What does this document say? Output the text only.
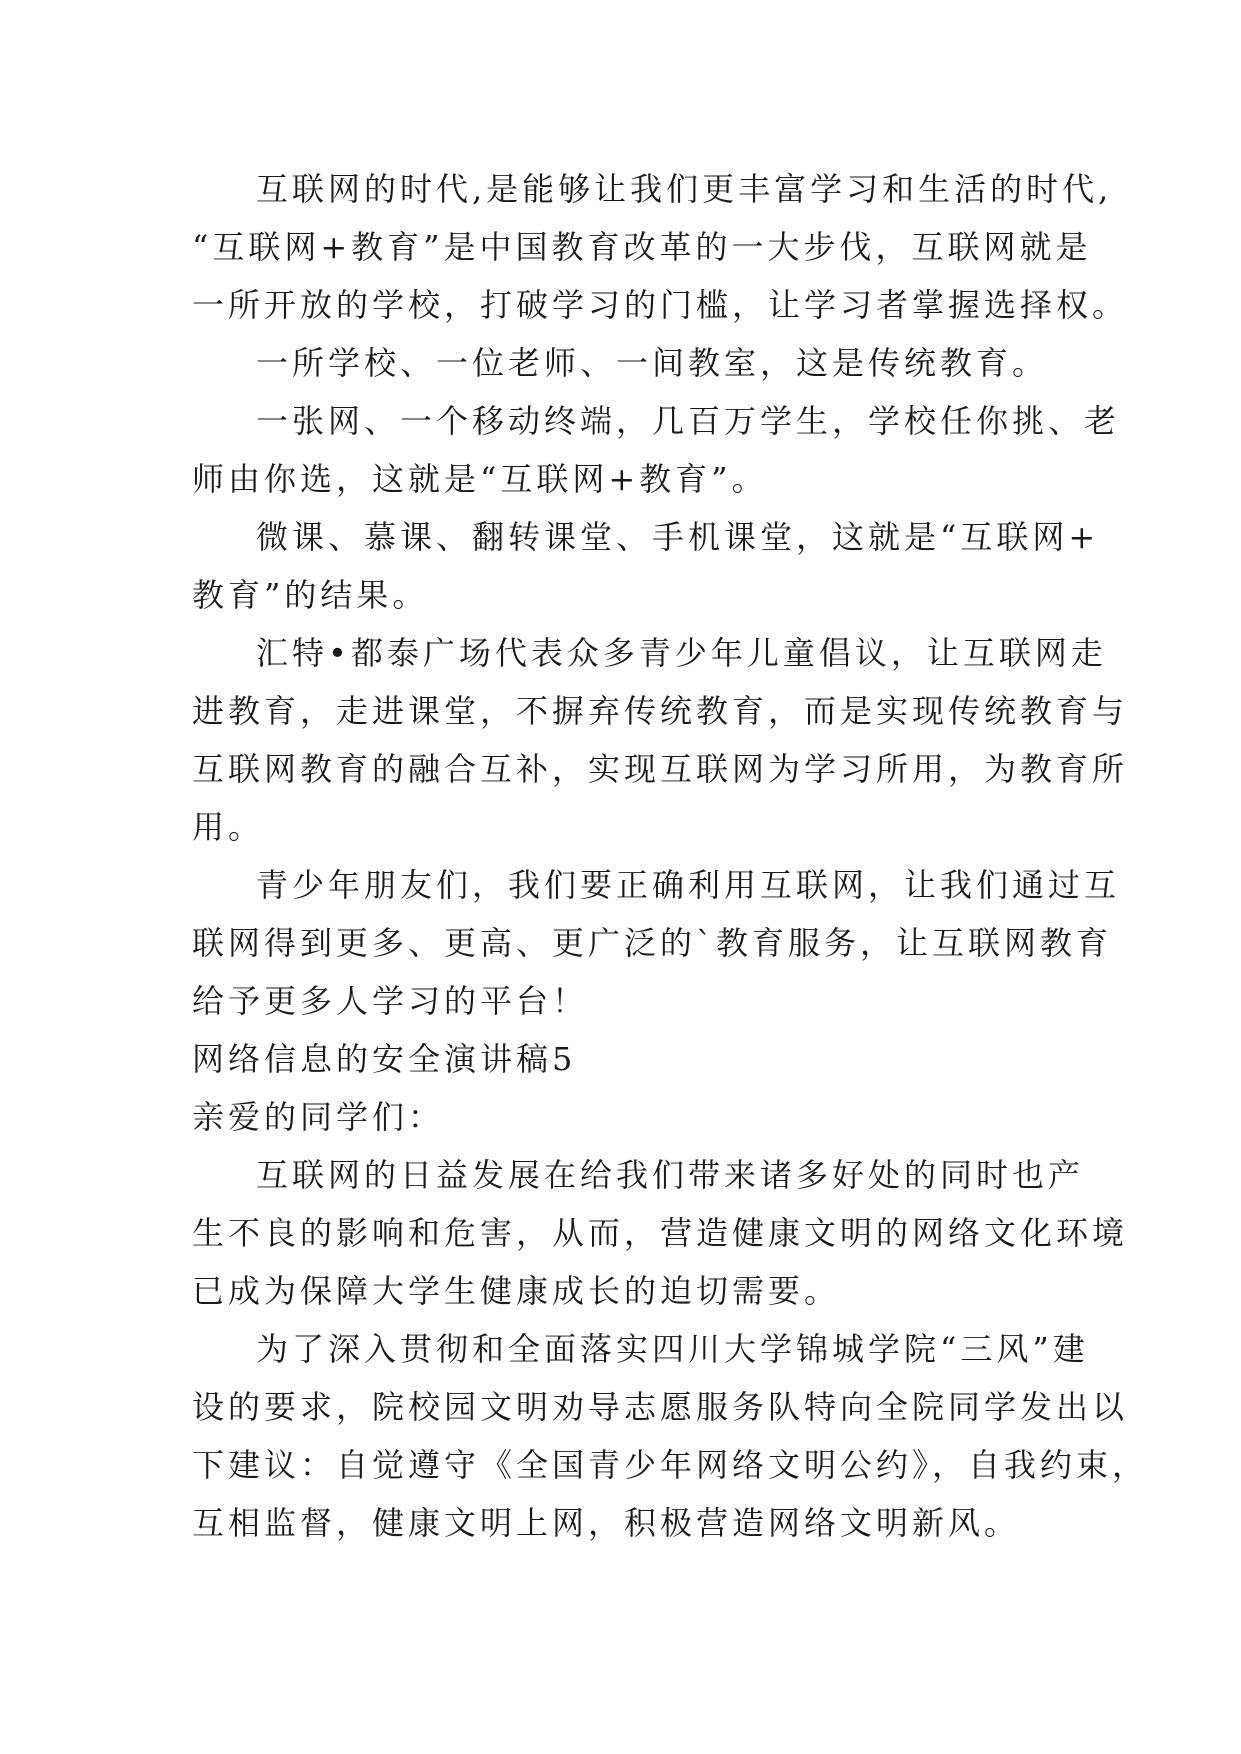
互联网的时代,是能够让我们更丰富学习和生活的时代,
“互联网+教育”是中国教育改革的一大步伐，互联网就是
一所开放的学校，打破学习的门槛，让学习者掌握选择权。
一所学校、一位老师、一间教室，这是传统教育。
一张网、一个移动终端，几百万学生，学校任你挑、老
师由你选，这就是“互联网+教育”。
微课、慕课、翻转课堂、手机课堂，这就是“互联网+
教育”的结果。
汇特•都泰广场代表众多青少年儿童倡议，让互联网走
进教育，走进课堂，不摒弃传统教育，而是实现传统教育与
互联网教育的融合互补，实现互联网为学习所用，为教育所
用。
青少年朋友们，我们要正确利用互联网，让我们通过互
联网得到更多、更高、更广泛的`教育服务，让互联网教育
给予更多人学习的平台！
网络信息的安全演讲稿5
亲爱的同学们：
互联网的日益发展在给我们带来诸多好处的同时也产
生不良的影响和危害，从而，营造健康文明的网络文化环境
已成为保障大学生健康成长的迫切需要。
为了深入贯彻和全面落实四川大学锦城学院“三风”建
设的要求，院校园文明劝导志愿服务队特向全院同学发出以
下建议：自觉遵守《全国青少年网络文明公约》，自我约束，
互相监督，健康文明上网，积极营造网络文明新风。
